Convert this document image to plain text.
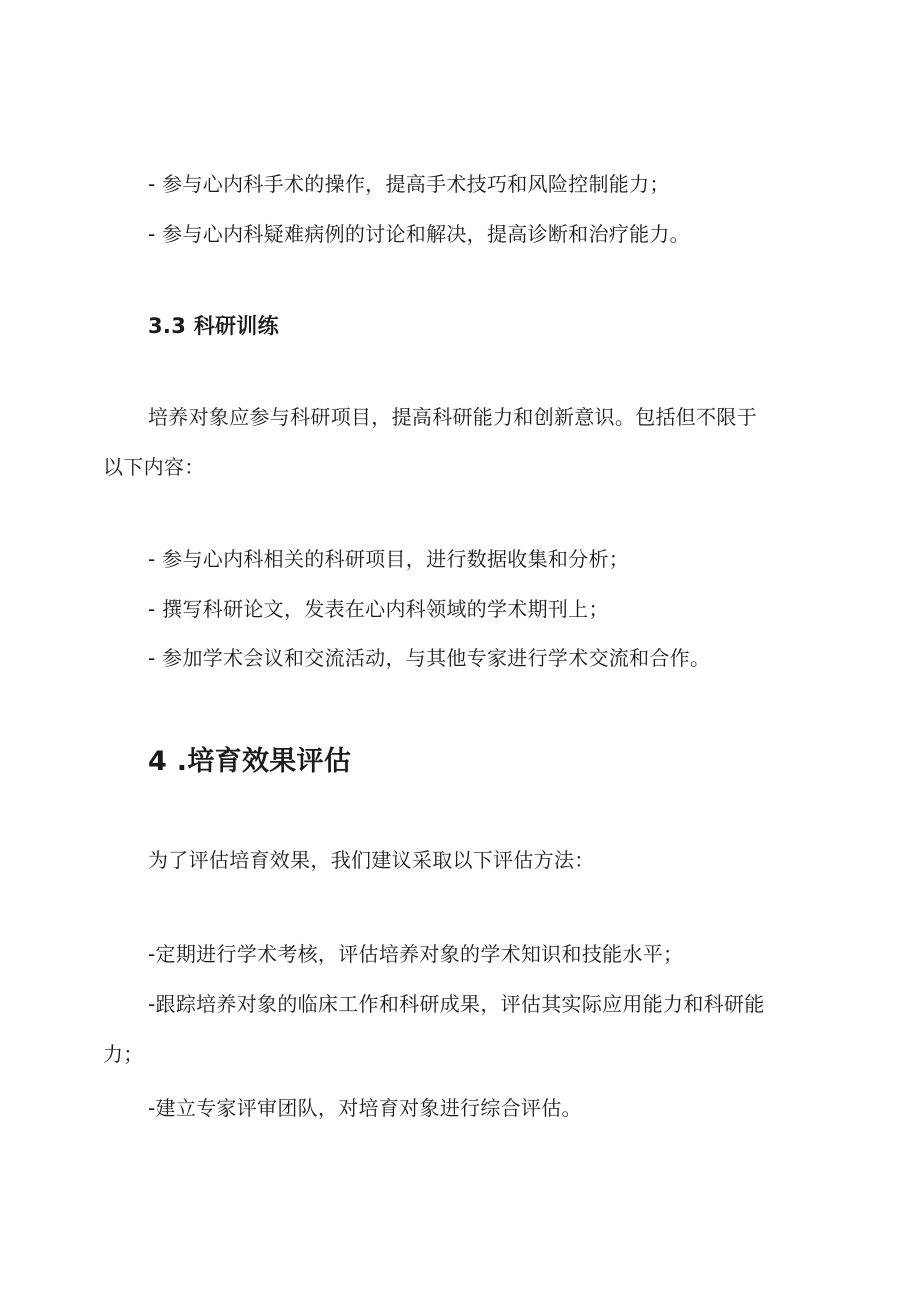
- 参与心内科手术的操作，提高手术技巧和风险控制能力；
- 参与心内科疑难病例的讨论和解决，提高诊断和治疗能力。
3.3 科研训练
培养对象应参与科研项目，提高科研能力和创新意识。包括但不限于
以下内容：
- 参与心内科相关的科研项目，进行数据收集和分析；
- 撰写科研论文，发表在心内科领域的学术期刊上；
- 参加学术会议和交流活动，与其他专家进行学术交流和合作。
4 .培育效果评估
为了评估培育效果，我们建议采取以下评估方法：
-定期进行学术考核，评估培养对象的学术知识和技能水平；
-跟踪培养对象的临床工作和科研成果，评估其实际应用能力和科研能
力；
-建立专家评审团队，对培育对象进行综合评估。
